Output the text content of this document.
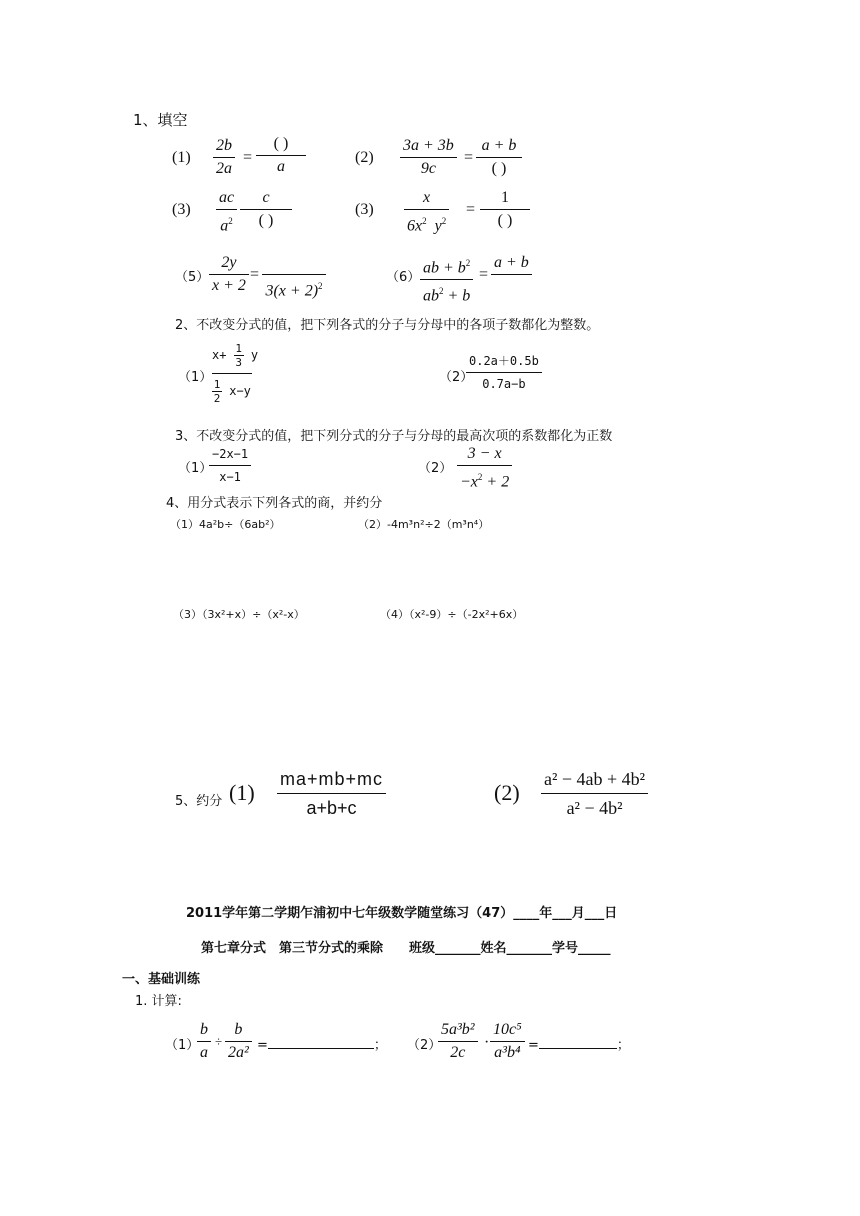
1、填空
(1)
2b
2a
=
( )
a
(2)
3a + 3b
9c
=
a + b
( )
(3)
ac
$a^2$
c
( )
(3)
x
$6x^2$ $y^2$
=
1
( )
（5）
2y
x + 2
=

$3(x + 2)^2$
（6）
ab + $b^2$
$ab^2 + b$
=
a + b

2、不改变分式的值，把下列各式的分子与分母中的各项子数都化为整数。
（1）
$x+ \frac{1}{3}$ y
$\frac{1}{2} x-y$
（2）
0.2a＋0.5b
0.7a−b
3、不改变分式的值，把下列分式的分子与分母的最高次项的系数都化为正数
（1）
−2x−1
x−1
（2）
3 − x
$-x^2 + 2$
4、用分式表示下列各式的商，并约分
（1）4a²b÷（6ab²）	（2）-4m³n²÷2（m³n⁴）
（3）（3x²+x）÷（x²-x）	（4）（x²-9）÷（-2x²+6x）
5、约分 (1)
ma+mb+mc
a+b+c
(2)
a² − 4ab + 4b²
a² − 4b²
2011学年第二学期乍浦初中七年级数学随堂练习（47）____年___月___日
第七章分式　第三节分式的乘除　　班级_______姓名_______学号_____
一、基础训练
1. 计算:
（1）
b
a
÷
b
2a² =	； （2）
5a³b²
2c
·
10c⁵
a³b⁴ =	；
